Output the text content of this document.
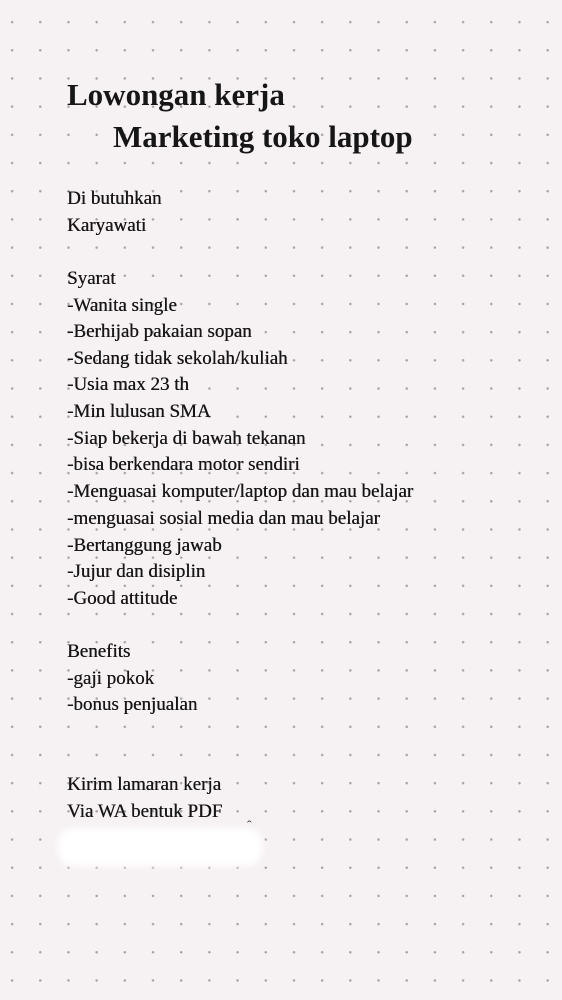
Lowongan kerja
Marketing toko laptop
Di butuhkan
Karyawati
Syarat
-Wanita single
-Berhijab pakaian sopan
-Sedang tidak sekolah/kuliah
-Usia max 23 th
-Min lulusan SMA
-Siap bekerja di bawah tekanan
-bisa berkendara motor sendiri
-Menguasai komputer/laptop dan mau belajar
-menguasai sosial media dan mau belajar
-Bertanggung jawab
-Jujur dan disiplin
-Good attitude
Benefits
-gaji pokok
-bonus penjualan
Kirim lamaran kerja
Via WA bentuk PDF
ˆ
